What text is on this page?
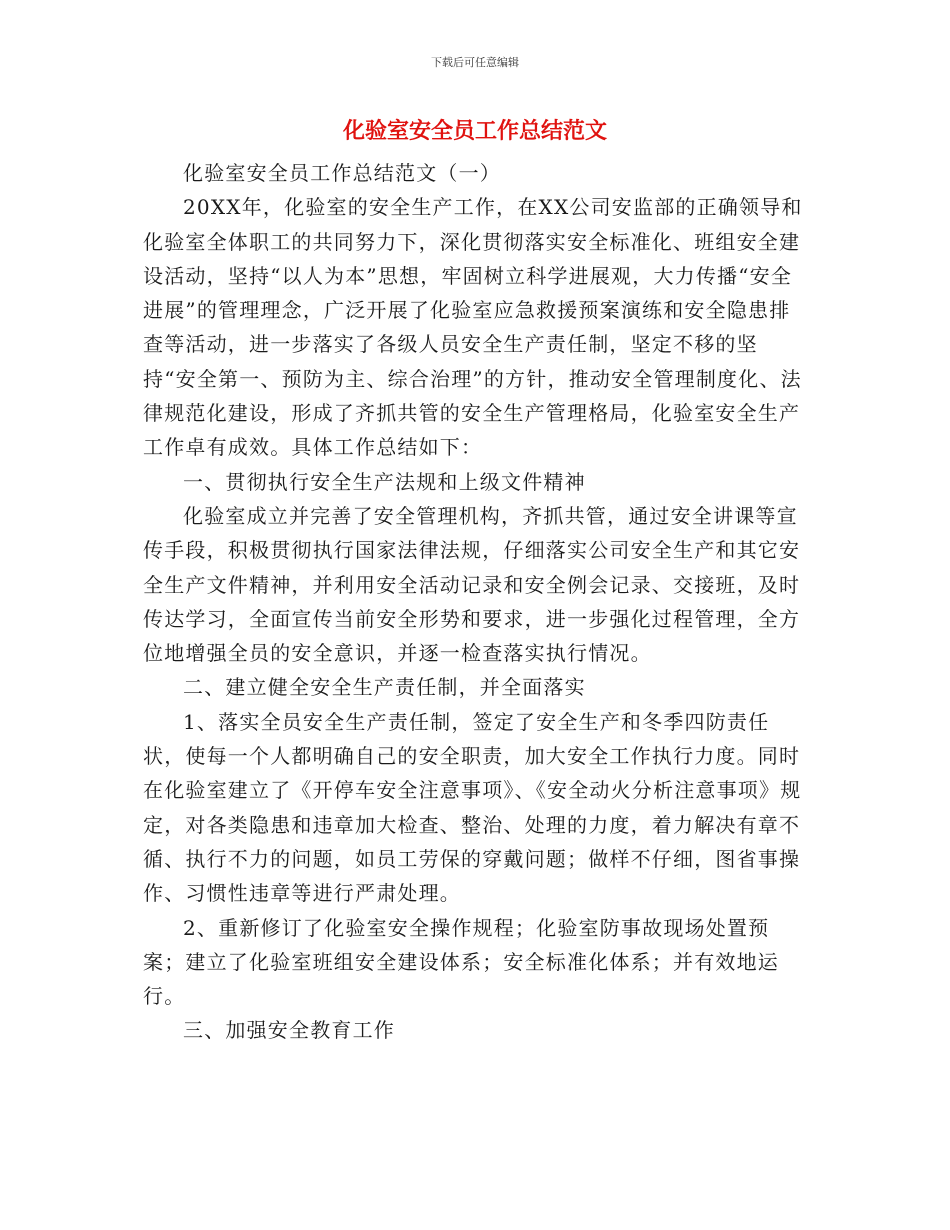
下载后可任意编辑
化验室安全员工作总结范文

化验室安全员工作总结范文（一）

20XX年，化验室的安全生产工作，在XX公司安监部的正确领导和化验室全体职工的共同努力下，深化贯彻落实安全标准化、班组安全建设活动，坚持“以人为本”思想，牢固树立科学进展观，大力传播“安全进展”的管理理念，广泛开展了化验室应急救援预案演练和安全隐患排查等活动，进一步落实了各级人员安全生产责任制，坚定不移的坚持“安全第一、预防为主、综合治理”的方针，推动安全管理制度化、法律规范化建设，形成了齐抓共管的安全生产管理格局，化验室安全生产工作卓有成效。具体工作总结如下：

一、贯彻执行安全生产法规和上级文件精神

化验室成立并完善了安全管理机构，齐抓共管，通过安全讲课等宣传手段，积极贯彻执行国家法律法规，仔细落实公司安全生产和其它安全生产文件精神，并利用安全活动记录和安全例会记录、交接班，及时传达学习，全面宣传当前安全形势和要求，进一步强化过程管理，全方位地增强全员的安全意识，并逐一检查落实执行情况。

二、建立健全安全生产责任制，并全面落实

1、落实全员安全生产责任制，签定了安全生产和冬季四防责任状，使每一个人都明确自己的安全职责，加大安全工作执行力度。同时在化验室建立了《开停车安全注意事项》、《安全动火分析注意事项》规定，对各类隐患和违章加大检查、整治、处理的力度，着力解决有章不循、执行不力的问题，如员工劳保的穿戴问题；做样不仔细，图省事操作、习惯性违章等进行严肃处理。

2、重新修订了化验室安全操作规程；化验室防事故现场处置预案；建立了化验室班组安全建设体系；安全标准化体系；并有效地运行。

三、加强安全教育工作
